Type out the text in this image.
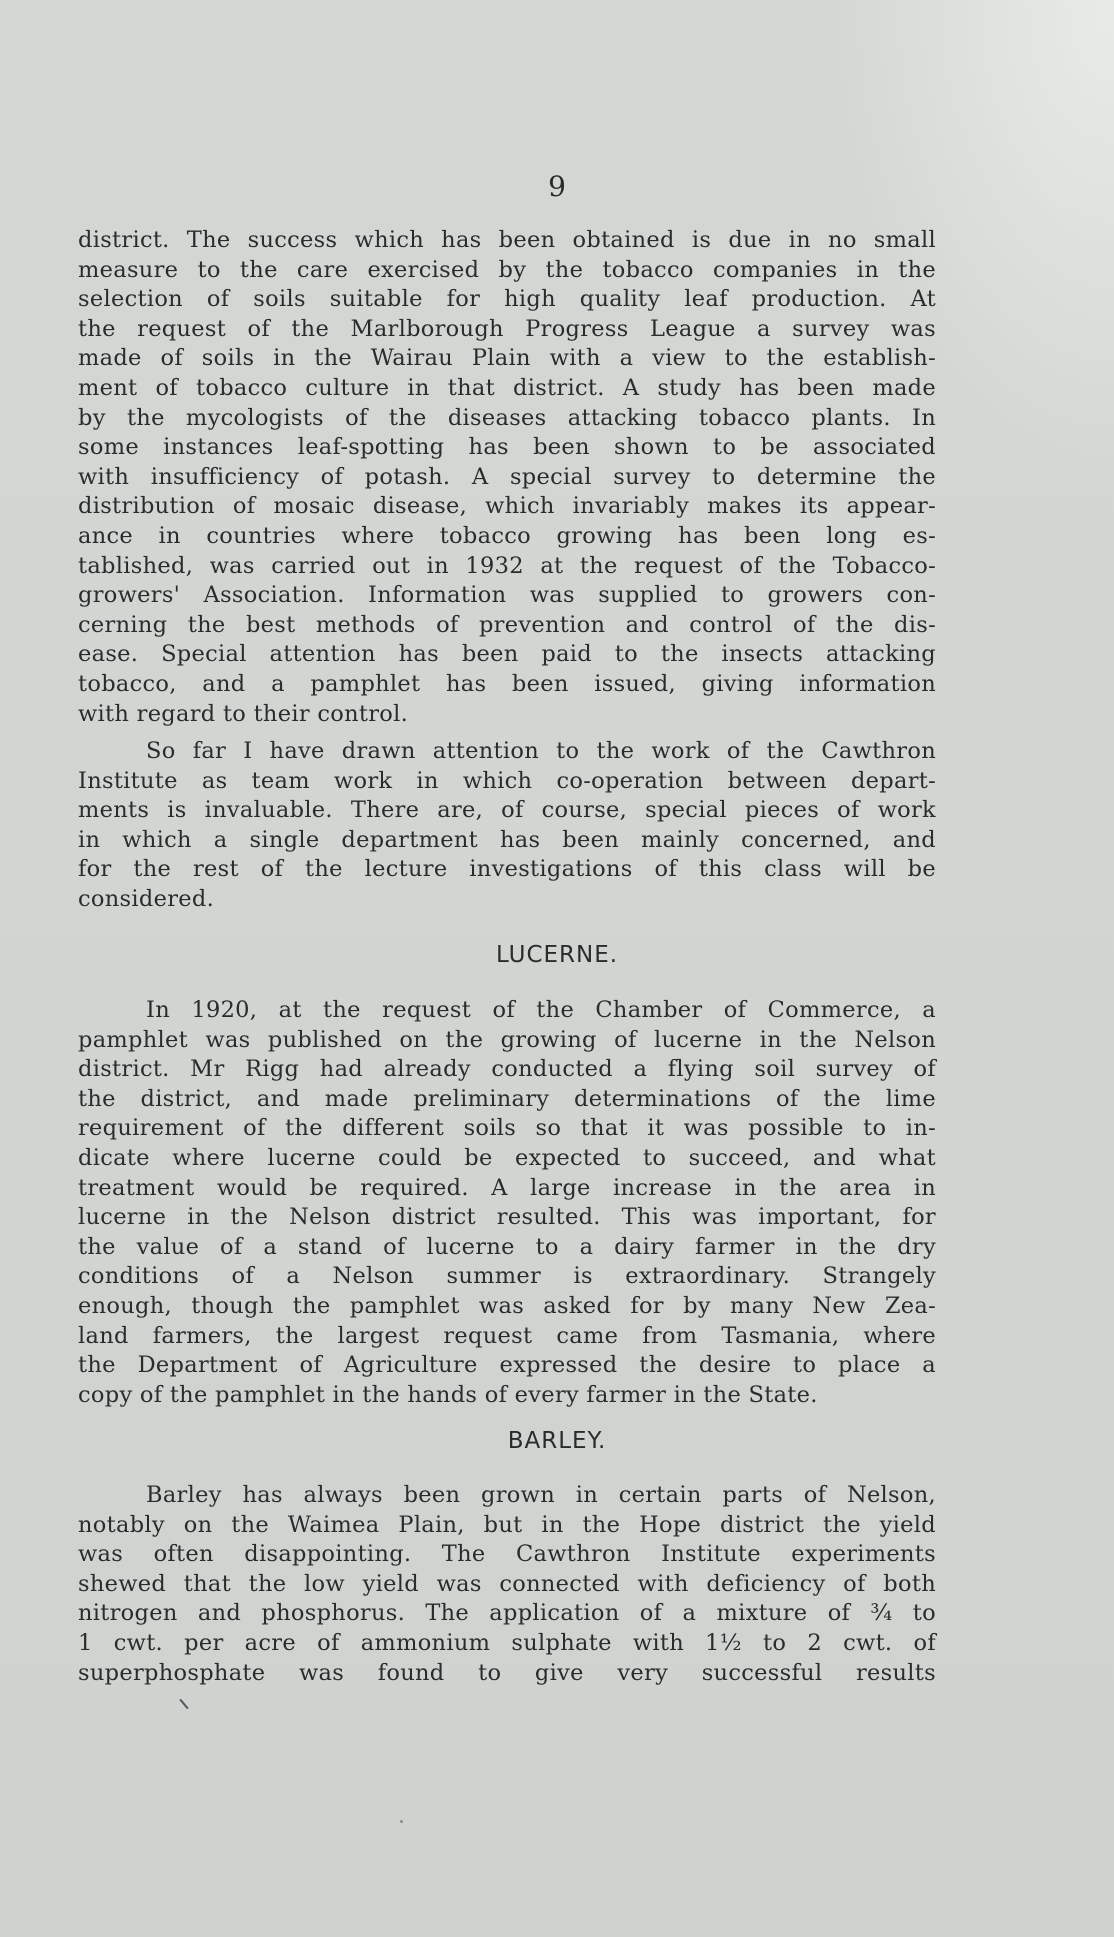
9
district. The success which has been obtained is due in no small
measure to the care exercised by the tobacco companies in the
selection of soils suitable for high quality leaf production. At
the request of the Marlborough Progress League a survey was
made of soils in the Wairau Plain with a view to the establish-
ment of tobacco culture in that district. A study has been made
by the mycologists of the diseases attacking tobacco plants. In
some instances leaf-spotting has been shown to be associated
with insufficiency of potash. A special survey to determine the
distribution of mosaic disease, which invariably makes its appear-
ance in countries where tobacco growing has been long es-
tablished, was carried out in 1932 at the request of the Tobacco-
growers' Association. Information was supplied to growers con-
cerning the best methods of prevention and control of the dis-
ease. Special attention has been paid to the insects attacking
tobacco, and a pamphlet has been issued, giving information
with regard to their control.
So far I have drawn attention to the work of the Cawthron
Institute as team work in which co-operation between depart-
ments is invaluable. There are, of course, special pieces of work
in which a single department has been mainly concerned, and
for the rest of the lecture investigations of this class will be
considered.
LUCERNE.
In 1920, at the request of the Chamber of Commerce, a
pamphlet was published on the growing of lucerne in the Nelson
district. Mr Rigg had already conducted a flying soil survey of
the district, and made preliminary determinations of the lime
requirement of the different soils so that it was possible to in-
dicate where lucerne could be expected to succeed, and what
treatment would be required. A large increase in the area in
lucerne in the Nelson district resulted. This was important, for
the value of a stand of lucerne to a dairy farmer in the dry
conditions of a Nelson summer is extraordinary. Strangely
enough, though the pamphlet was asked for by many New Zea-
land farmers, the largest request came from Tasmania, where
the Department of Agriculture expressed the desire to place a
copy of the pamphlet in the hands of every farmer in the State.
BARLEY.
Barley has always been grown in certain parts of Nelson,
notably on the Waimea Plain, but in the Hope district the yield
was often disappointing. The Cawthron Institute experiments
shewed that the low yield was connected with deficiency of both
nitrogen and phosphorus. The application of a mixture of ¾ to
1 cwt. per acre of ammonium sulphate with 1½ to 2 cwt. of
superphosphate was found to give very successful results
